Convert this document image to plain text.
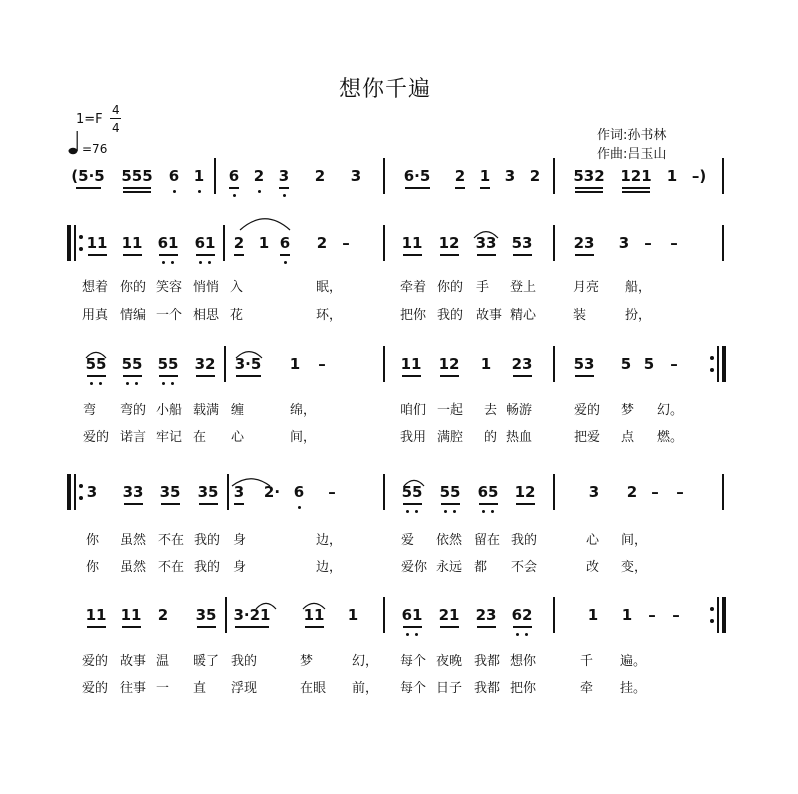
想你千遍
1=F
4
4
=76
作词:孙书林
作曲:吕玉山
(5·5 555	6 1	6 2 3	2	3	6·5	2 1 3 2	532 121	1 –)
11 11	61	61	2 1 6	2	–	11	12	33	53	23	3	–	–
想着 你的 笑容 悄悄 入	眠，	牵着 你的 手 登上	月亮 船，
用真 情编 一个 相思 花	环，	把你 我的 故事 精心	装	扮，
55	55	55	32	3·5	1	–	11	12	1	23	53	5 5	–
弯 弯的 小船 载满 缠	绵，	咱们 一起 去 畅游	爱的 梦 幻。
爱的 诺言 牢记 在 心	间，	我用 满腔 的 热血	把爱 点 燃。
3	33	35	35	3	2· 6	–	55	55	65	12	3	2 –	–
你 虽然 不在 我的 身	边，	爱 依然 留在 我的	心 间，
你 虽然 不在 我的 身	边，	爱你 永远 都 不会	改 变，
11 11	2	35	3·21	11	1	61	21	23	62	1	1	–	–
爱的 故事 温 暖了 我的	梦	幻， 每个 夜晚 我都 想你	千 遍。
爱的 往事 一 直 浮现	在眼 前， 每个 日子 我都 把你	牵 挂。
